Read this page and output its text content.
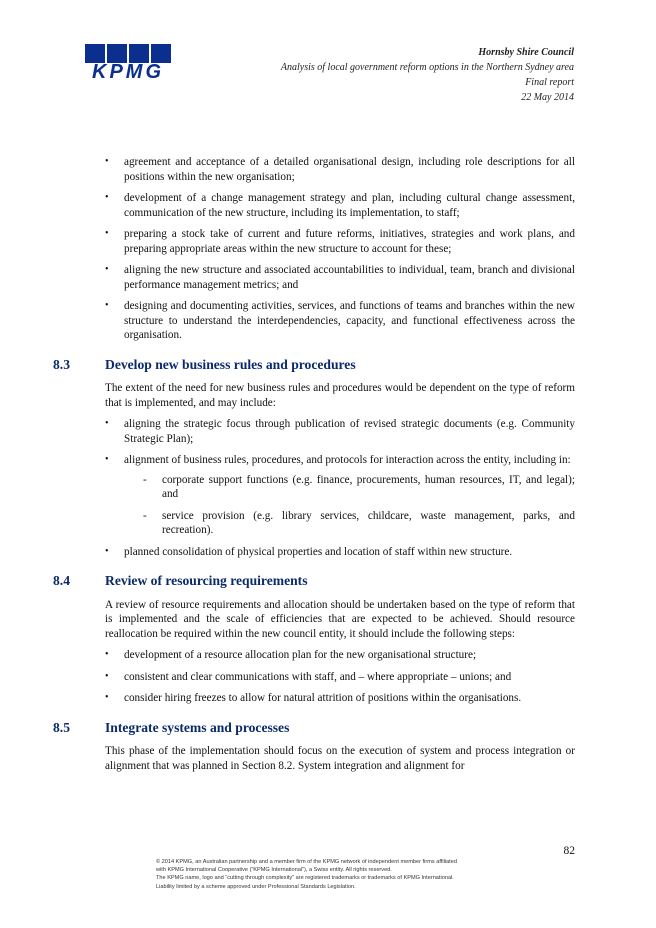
KPMG
Hornsby Shire Council
Analysis of local government reform options in the Northern Sydney area
Final report
22 May 2014
• agreement and acceptance of a detailed organisational design, including role descriptions for all positions within the new organisation;
• development of a change management strategy and plan, including cultural change assessment, communication of the new structure, including its implementation, to staff;
• preparing a stock take of current and future reforms, initiatives, strategies and work plans, and preparing appropriate areas within the new structure to account for these;
• aligning the new structure and associated accountabilities to individual, team, branch and divisional performance management metrics; and
• designing and documenting activities, services, and functions of teams and branches within the new structure to understand the interdependencies, capacity, and functional effectiveness across the organisation.
8.3	Develop new business rules and procedures

The extent of the need for new business rules and procedures would be dependent on the type of reform that is implemented, and may include:

• aligning the strategic focus through publication of revised strategic documents (e.g. Community Strategic Plan);
• alignment of business rules, procedures, and protocols for interaction across the entity, including in:
- corporate support functions (e.g. finance, procurements, human resources, IT, and legal); and
- service provision (e.g. library services, childcare, waste management, parks, and recreation).
• planned consolidation of physical properties and location of staff within new structure.
8.4	Review of resourcing requirements

A review of resource requirements and allocation should be undertaken based on the type of reform that is implemented and the scale of efficiencies that are expected to be achieved. Should resource reallocation be required within the new council entity, it should include the following steps:

• development of a resource allocation plan for the new organisational structure;
• consistent and clear communications with staff, and – where appropriate – unions; and
• consider hiring freezes to allow for natural attrition of positions within the organisations.
8.5	Integrate systems and processes

This phase of the implementation should focus on the execution of system and process integration or alignment that was planned in Section 8.2. System integration and alignment for

82
© 2014 KPMG, an Australian partnership and a member firm of the KPMG network of independent member firms affiliated
with KPMG International Cooperative (“KPMG International”), a Swiss entity. All rights reserved.
The KPMG name, logo and “cutting through complexity” are registered trademarks or trademarks of KPMG International.
Liability limited by a scheme approved under Professional Standards Legislation.
